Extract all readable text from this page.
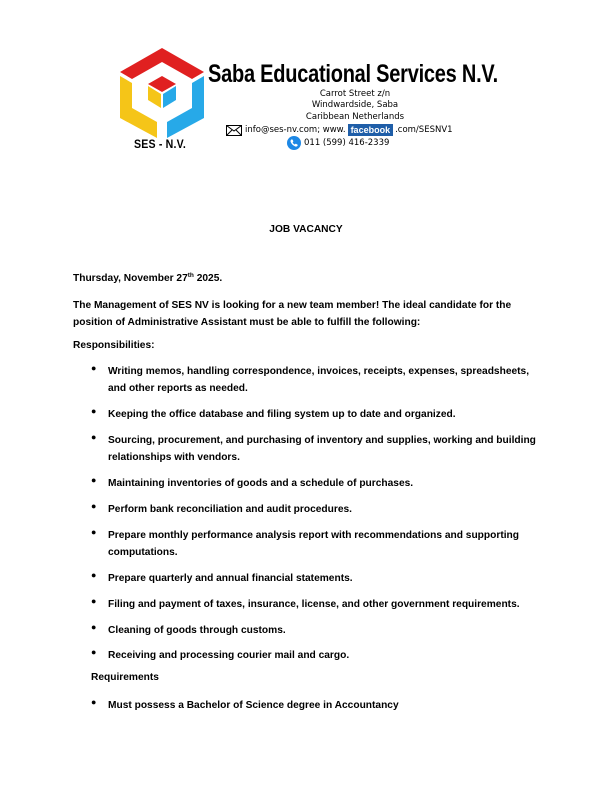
SES - N.V.
Saba Educational Services N.V.
Carrot Street z/n
Windwardside, Saba
Caribbean Netherlands
info@ses-nv.com; www. facebook .com/SESNV1
011 (599) 416-2339
JOB VACANCY
Thursday, November 27th 2025.
The Management of SES NV is looking for a new team member! The ideal candidate for the position of Administrative Assistant must be able to fulfill the following:
Responsibilities:
● Writing memos, handling correspondence, invoices, receipts, expenses, spreadsheets, and other reports as needed.
● Keeping the office database and filing system up to date and organized.
● Sourcing, procurement, and purchasing of inventory and supplies, working and building relationships with vendors.
● Maintaining inventories of goods and a schedule of purchases.
● Perform bank reconciliation and audit procedures.
● Prepare monthly performance analysis report with recommendations and supporting computations.
● Prepare quarterly and annual financial statements.
● Filing and payment of taxes, insurance, license, and other government requirements.
● Cleaning of goods through customs.
● Receiving and processing courier mail and cargo.
Requirements
● Must possess a Bachelor of Science degree in Accountancy
